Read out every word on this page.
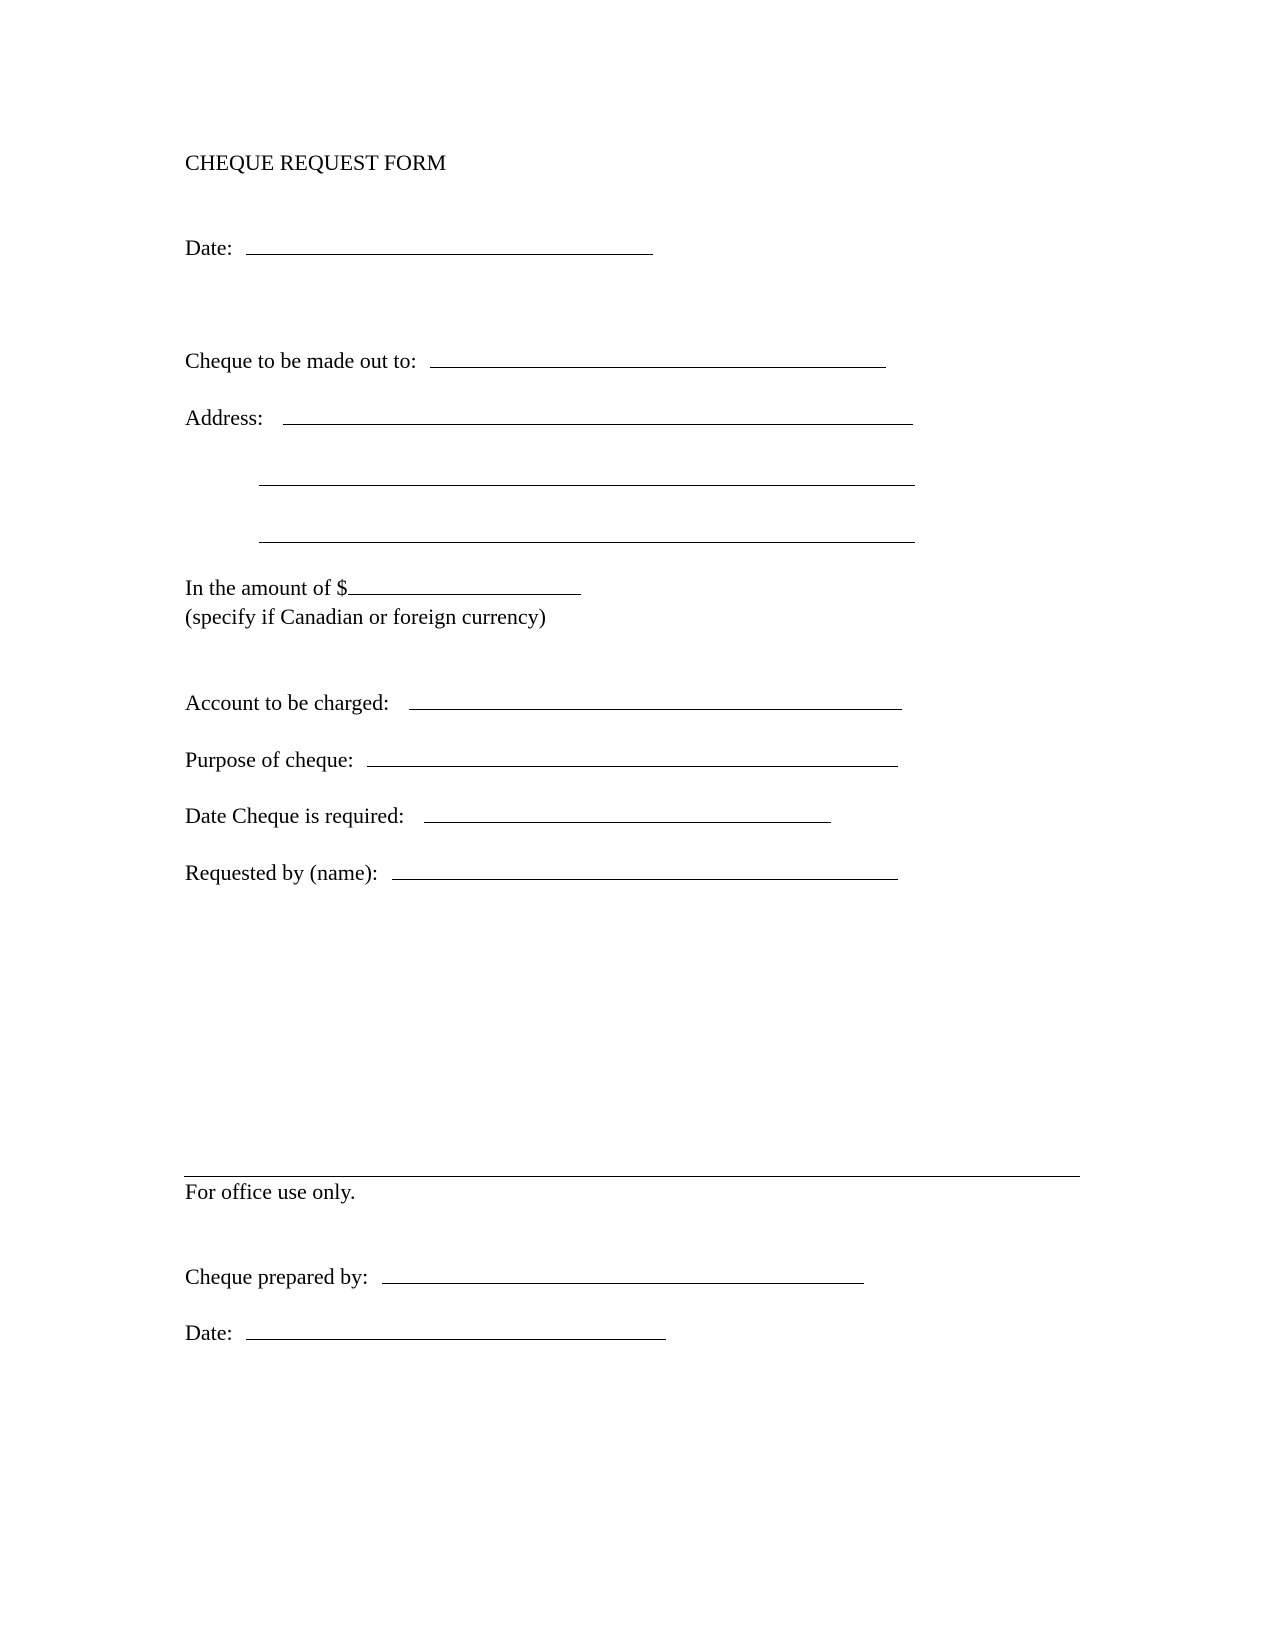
CHEQUE REQUEST FORM
Date:
Cheque to be made out to:
Address:
In the amount of $
(specify if Canadian or foreign currency)
Account to be charged:
Purpose of cheque:
Date Cheque is required:
Requested by (name):
For office use only.
Cheque prepared by:
Date:
